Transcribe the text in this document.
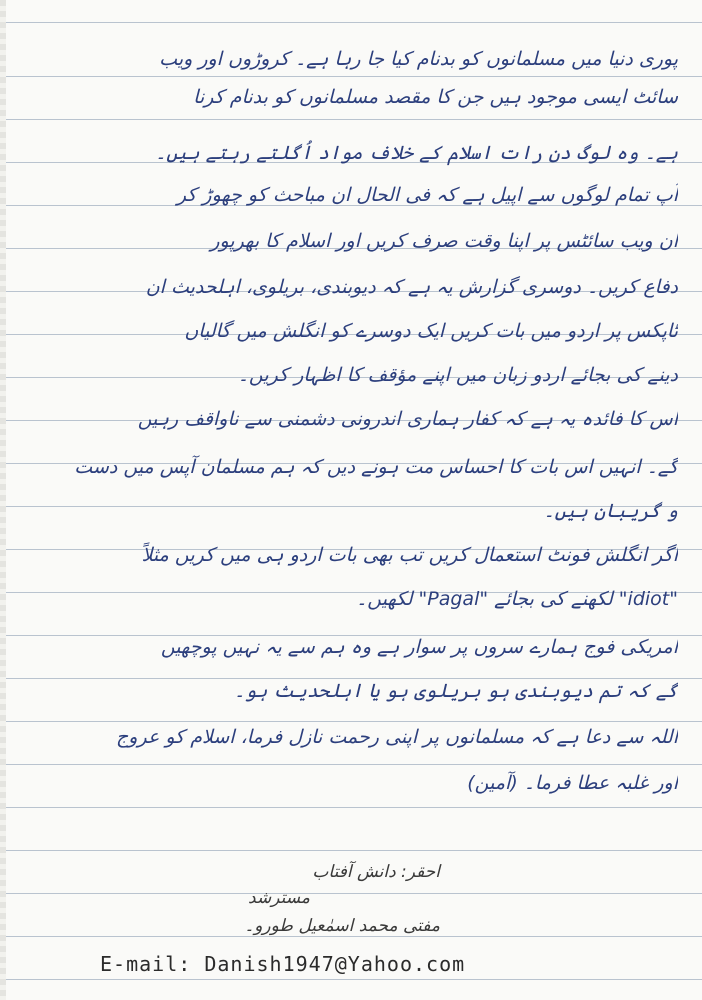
پوری دنیا میں مسلمانوں کو بدنام کیا جا رہا ہے۔ کروڑوں اور ویب
سائٹ ایسی موجود ہیں جن کا مقصد مسلمانوں کو بدنام کرنا
ہے۔ وہ لوگ دن رات اسلام کے خلاف مواد اُگلتے رہتے ہیں۔
آپ تمام لوگوں سے اپیل ہے کہ فی الحال ان مباحث کو چھوڑ کر
ان ویب سائٹس پر اپنا وقت صرف کریں اور اسلام کا بھرپور
دفاع کریں۔ دوسری گزارش یہ ہے کہ دیوبندی، بریلوی، اہلحدیث ان
ٹاپکس پر اردو میں بات کریں ایک دوسرے کو انگلش میں گالیاں
دینے کی بجائے اردو زبان میں اپنے مؤقف کا اظہار کریں۔
اس کا فائدہ یہ ہے کہ کفار ہماری اندرونی دشمنی سے ناواقف رہیں
گے۔ انہیں اس بات کا احساس مت ہونے دیں کہ ہم مسلمان آپس میں دست
و گریبان ہیں۔
اگر انگلش فونٹ استعمال کریں تب بھی بات اردو ہی میں کریں مثلاً
"idiot" لکھنے کی بجائے "Pagal" لکھیں۔
امریکی فوج ہمارے سروں پر سوار ہے وہ ہم سے یہ نہیں پوچھیں
گے کہ تم دیوبندی ہو بریلوی ہو یا اہلحدیث ہو۔
اللہ سے دعا ہے کہ مسلمانوں پر اپنی رحمت نازل فرما، اسلام کو عروج
اور غلبہ عطا فرما۔ (آمین)
احقر: دانش آفتاب
مسترشد
مفتی محمد اسمٰعیل طورو۔
E-mail: Danish1947@Yahoo.com
